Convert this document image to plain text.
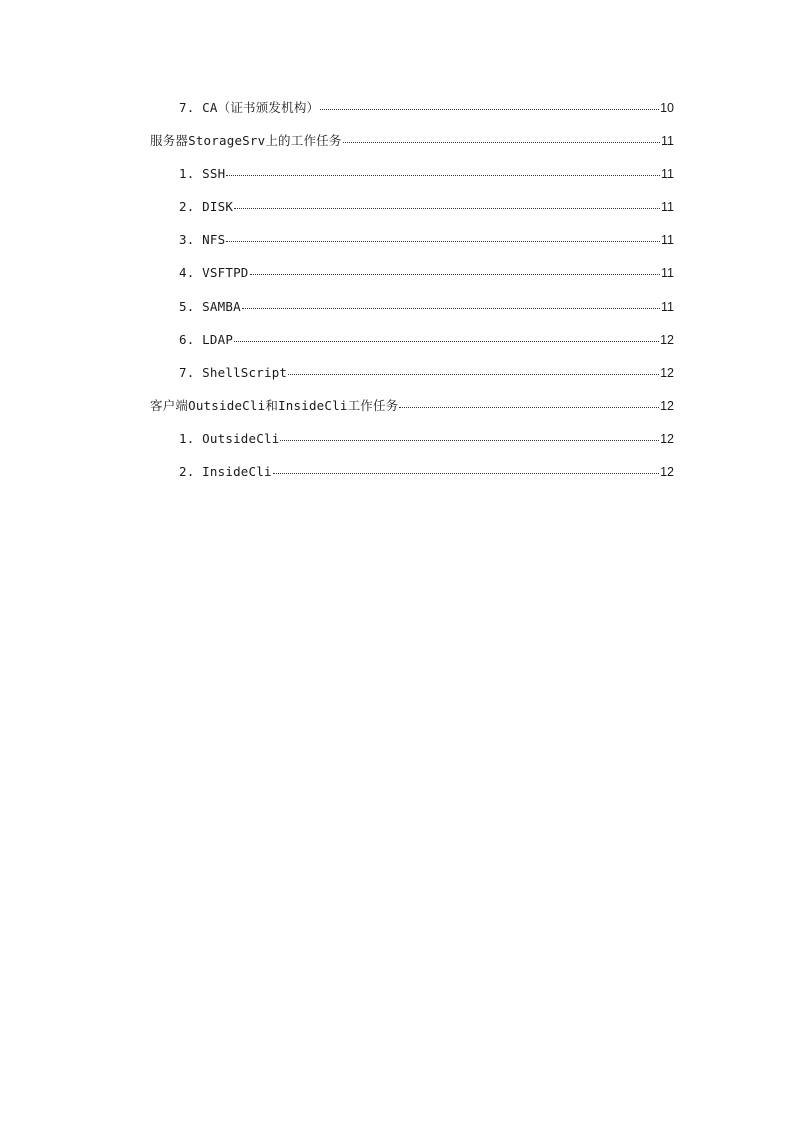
7. CA（证书颁发机构）	10
服务器StorageSrv上的工作任务	11
1. SSH	11
2. DISK	11
3. NFS	11
4. VSFTPD	11
5. SAMBA	11
6. LDAP	12
7. ShellScript	12
客户端OutsideCli和InsideCli工作任务	12
1. OutsideCli	12
2. InsideCli	12
